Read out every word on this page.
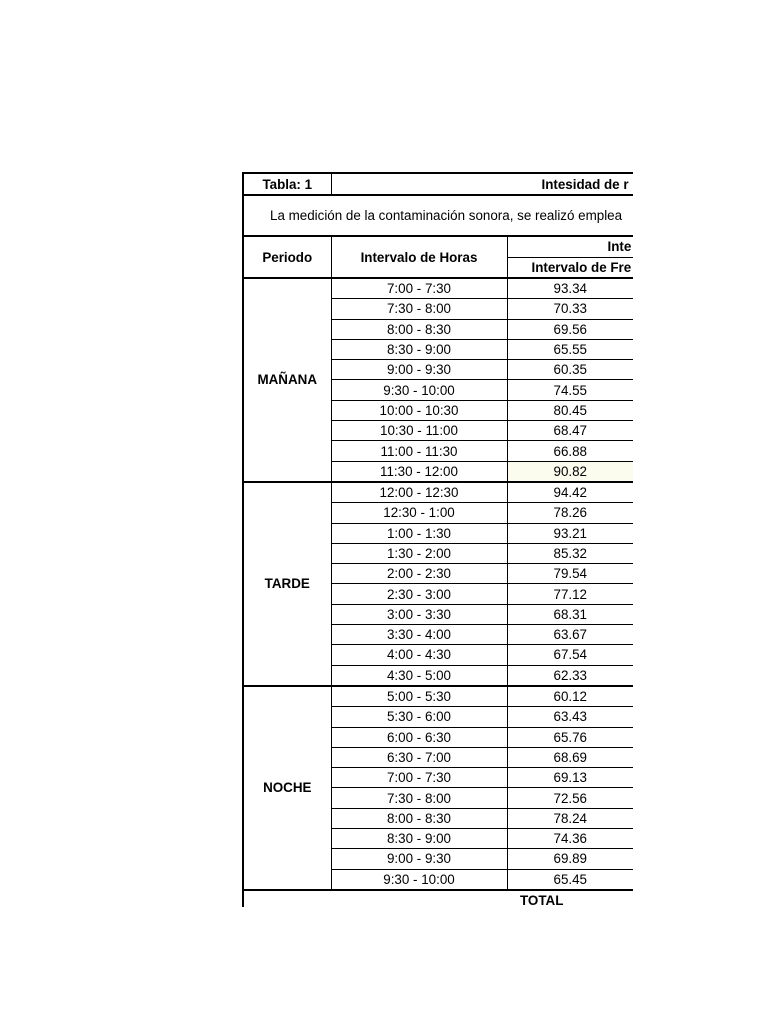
Tabla: 1	Intesidad de r	
La medición de la contaminación sonora, se realizó emplea		
Periodo	Intervalo de Horas	Inte
		Intervalo de Fre
MAÑANA	7:00 - 7:30	93.34
	7:30 - 8:00	70.33
	8:00 - 8:30	69.56
	8:30 - 9:00	65.55
	9:00 - 9:30	60.35
	9:30 - 10:00	74.55
	10:00 - 10:30	80.45
	10:30 - 11:00	68.47
	11:00 - 11:30	66.88
	11:30 - 12:00	90.82
TARDE	12:00 - 12:30	94.42
	12:30 - 1:00	78.26
	1:00 - 1:30	93.21
	1:30 - 2:00	85.32
	2:00 - 2:30	79.54
	2:30 - 3:00	77.12
	3:00 - 3:30	68.31
	3:30 - 4:00	63.67
	4:00 - 4:30	67.54
	4:30 - 5:00	62.33
NOCHE	5:00 - 5:30	60.12
	5:30 - 6:00	63.43
	6:00 - 6:30	65.76
	6:30 - 7:00	68.69
	7:00 - 7:30	69.13
	7:30 - 8:00	72.56
	8:00 - 8:30	78.24
	8:30 - 9:00	74.36
	9:00 - 9:30	69.89
	9:30 - 10:00	65.45
TOTAL		
